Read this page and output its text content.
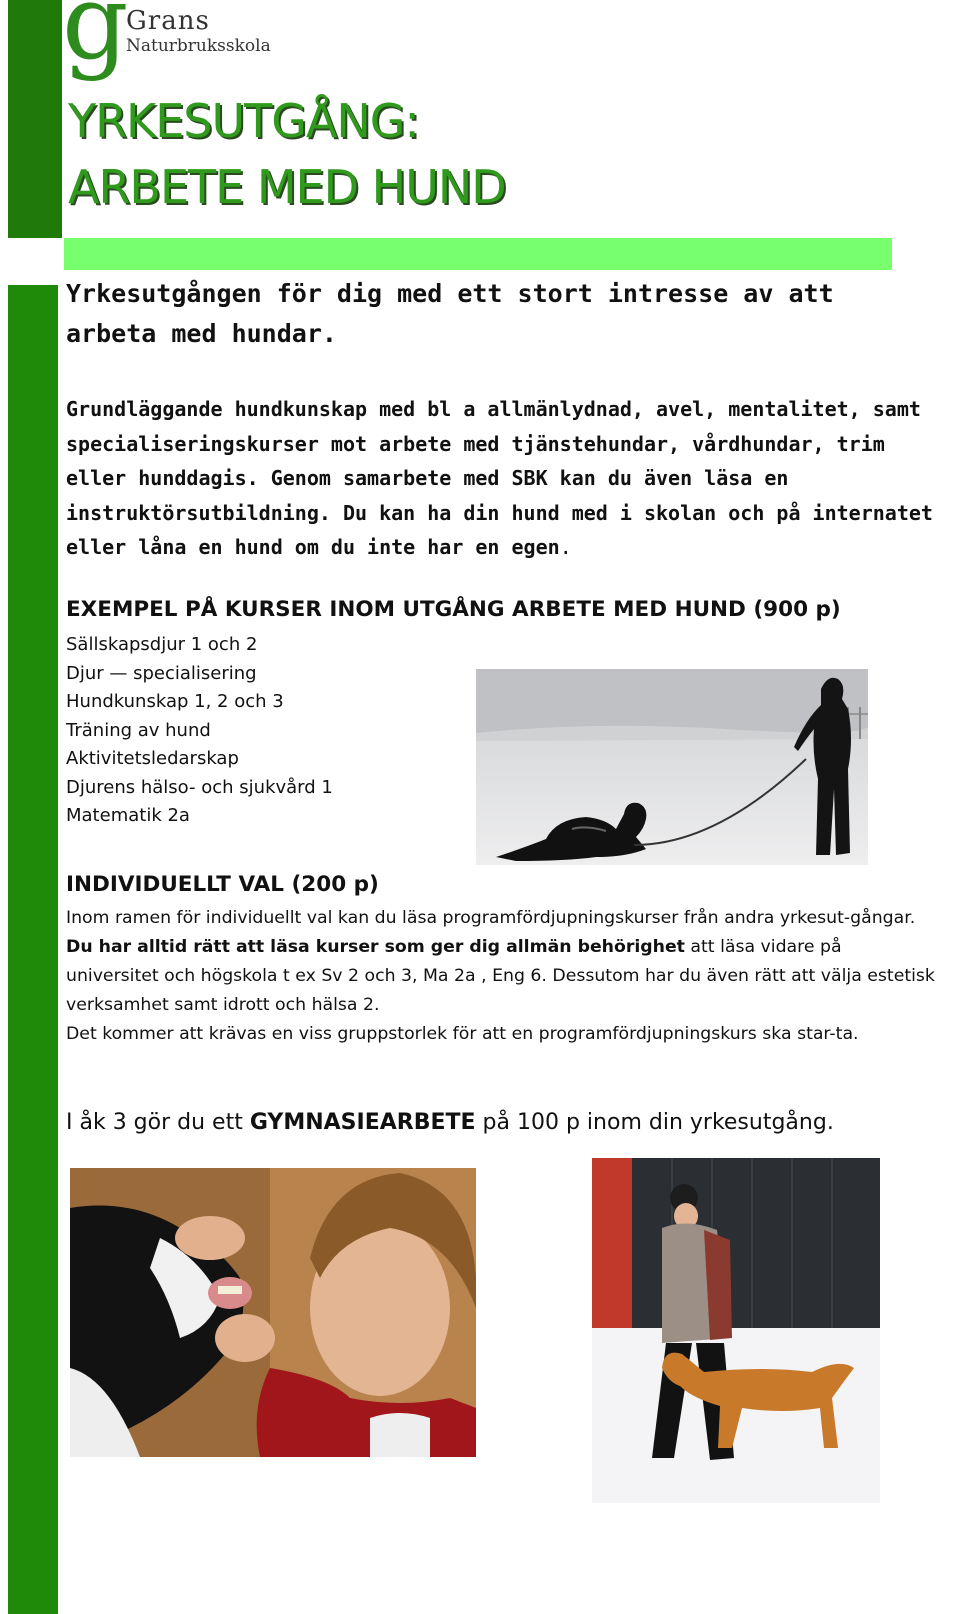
g
Grans
Naturbruksskola
YRKESUTGÅNG:
ARBETE MED HUND
Yrkesutgången för dig med ett stort intresse av att arbeta med hundar.
Grundläggande hundkunskap med bl a allmänlydnad, avel, mentalitet, samt specialiseringskurser mot arbete med tjänstehundar, vårdhundar, trim eller hunddagis. Genom samarbete med SBK kan du även läsa en instruktörsutbildning. Du kan ha din hund med i skolan och på internatet eller låna en hund om du inte har en egen.
EXEMPEL PÅ KURSER INOM UTGÅNG ARBETE MED HUND (900 p)
Sällskapsdjur 1 och 2
Djur — specialisering
Hundkunskap 1, 2 och 3
Träning av hund
Aktivitetsledarskap
Djurens hälso- och sjukvård 1
Matematik 2a
INDIVIDUELLT VAL (200 p)
Inom ramen för individuellt val kan du läsa programfördjupningskurser från andra yrkesut-gångar. Du har alltid rätt att läsa kurser som ger dig allmän behörighet att läsa vidare på universitet och högskola t ex Sv 2 och 3, Ma 2a , Eng 6. Dessutom har du även rätt att välja estetisk verksamhet samt idrott och hälsa 2.
Det kommer att krävas en viss gruppstorlek för att en programfördjupningskurs ska star-ta.
I åk 3 gör du ett GYMNASIEARBETE på 100 p inom din yrkesutgång.
